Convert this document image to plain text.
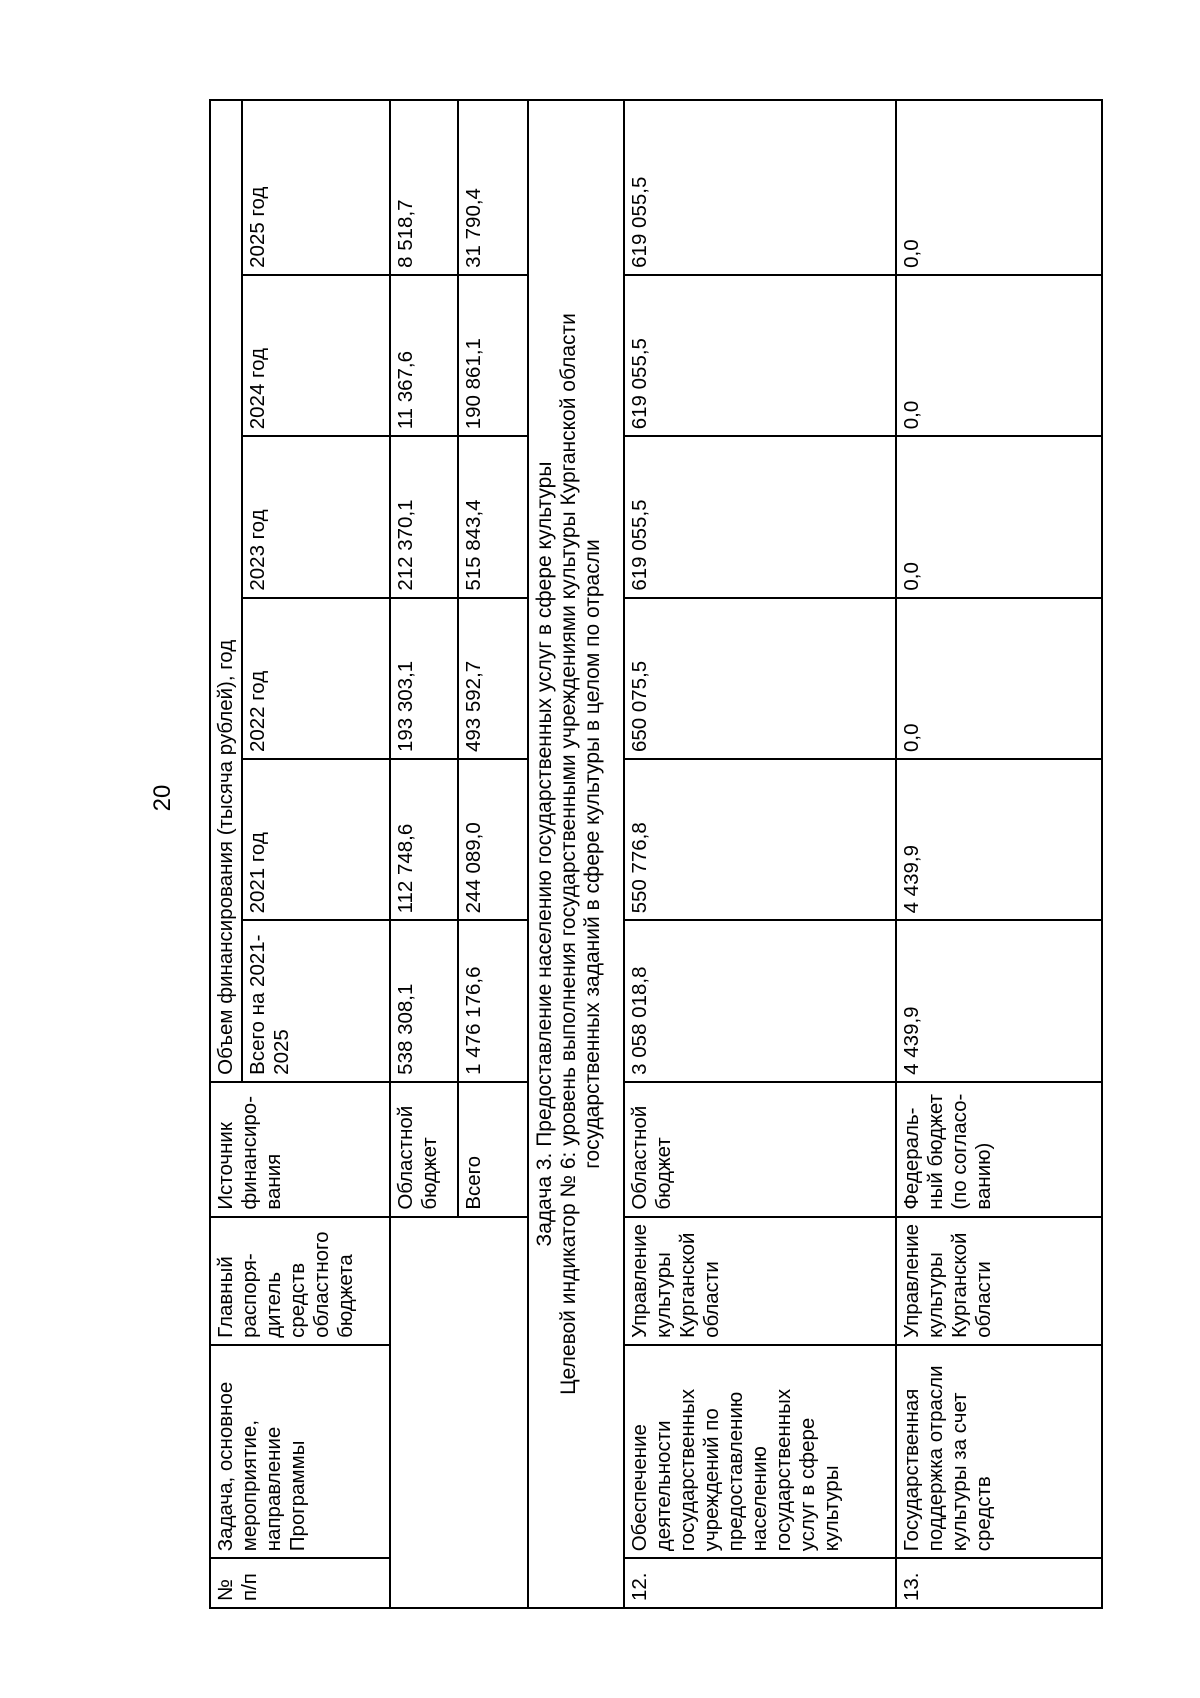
20
№ п/п	Задача, основное мероприятие, направление Программы	Главный распоря-дитель средств областного бюджета	Источник финансиро-вания	Объем финансирования (тысяча рублей), год					
				Всего на 2021-2025	2021 год	2022 год	2023 год	2024 год	2025 год
			Областной бюджет	538 308,1	112 748,6	193 303,1	212 370,1	11 367,6	8 518,7
			Всего	1 476 176,6	244 089,0	493 592,7	515 843,4	190 861,1	31 790,4

Задача 3. Предоставление населению государственных услуг в сфере культуры Целевой индикатор № 6: уровень выполнения государственными учреждениями культуры Курганской области государственных заданий в сфере культуры в целом по отрасли									

12.	Обеспечение деятельности государственных учреждений по предоставлению населению государственных услуг в сфере культуры	Управление культуры Курганской области	Областной бюджет	3 058 018,8	550 776,8	650 075,5	619 055,5	619 055,5	619 055,5
13.	Государственная поддержка отрасли культуры за счет средств	Управление культуры Курганской области	Федераль-ный бюджет (по согласо-ванию)	4 439,9	4 439,9	0,0	0,0	0,0	0,0
